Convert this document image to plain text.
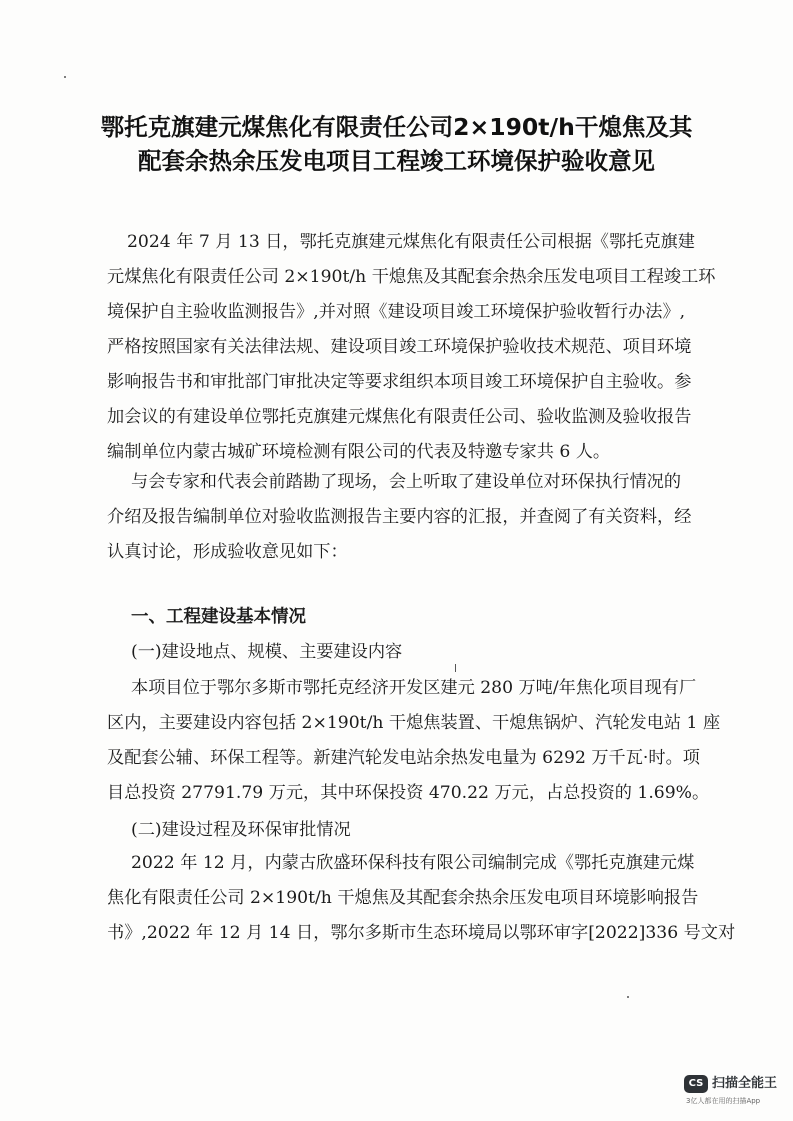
鄂托克旗建元煤焦化有限责任公司2×190t/h干熄焦及其
配套余热余压发电项目工程竣工环境保护验收意见
2024 年 7 月 13 日，鄂托克旗建元煤焦化有限责任公司根据《鄂托克旗建
元煤焦化有限责任公司 2×190t/h 干熄焦及其配套余热余压发电项目工程竣工环
境保护自主验收监测报告》,并对照《建设项目竣工环境保护验收暂行办法》,
严格按照国家有关法律法规、建设项目竣工环境保护验收技术规范、项目环境
影响报告书和审批部门审批决定等要求组织本项目竣工环境保护自主验收。参
加会议的有建设单位鄂托克旗建元煤焦化有限责任公司、验收监测及验收报告
编制单位内蒙古城矿环境检测有限公司的代表及特邀专家共 6 人。
与会专家和代表会前踏勘了现场，会上听取了建设单位对环保执行情况的
介绍及报告编制单位对验收监测报告主要内容的汇报，并查阅了有关资料，经
认真讨论，形成验收意见如下：
一、工程建设基本情况
(一)建设地点、规模、主要建设内容
本项目位于鄂尔多斯市鄂托克经济开发区建元 280 万吨/年焦化项目现有厂
区内，主要建设内容包括 2×190t/h 干熄焦装置、干熄焦锅炉、汽轮发电站 1 座
及配套公辅、环保工程等。新建汽轮发电站余热发电量为 6292 万千瓦·时。项
目总投资 27791.79 万元，其中环保投资 470.22 万元，占总投资的 1.69%。
(二)建设过程及环保审批情况
2022 年 12 月，内蒙古欣盛环保科技有限公司编制完成《鄂托克旗建元煤
焦化有限责任公司 2×190t/h 干熄焦及其配套余热余压发电项目环境影响报告
书》,2022 年 12 月 14 日，鄂尔多斯市生态环境局以鄂环审字[2022]336 号文对
CS 扫描全能王
3亿人都在用的扫描App
